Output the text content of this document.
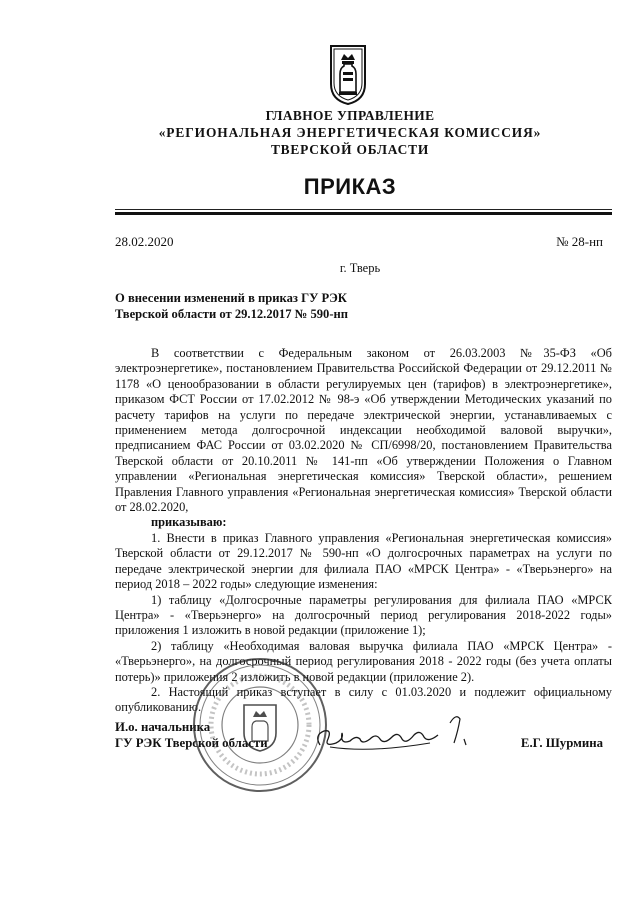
ГЛАВНОЕ УПРАВЛЕНИЕ
«РЕГИОНАЛЬНАЯ ЭНЕРГЕТИЧЕСКАЯ КОМИССИЯ»
ТВЕРСКОЙ ОБЛАСТИ
ПРИКАЗ
28.02.2020	№ 28-нп
г. Тверь
О внесении изменений в приказ ГУ РЭК
Тверской области от 29.12.2017 № 590-нп

В соответствии с Федеральным законом от 26.03.2003 №35-ФЗ «Об электроэнергетике», постановлением Правительства Российской Федерации от 29.12.2011 № 1178 «О ценообразовании в области регулируемых цен (тарифов) в электроэнергетике», приказом ФСТ России от 17.02.2012 № 98-э «Об утверждении Методических указаний по расчету тарифов на услуги по передаче электрической энергии, устанавливаемых с применением метода долгосрочной индексации необходимой валовой выручки», предписанием ФАС России от 03.02.2020 № СП/6998/20, постановлением Правительства Тверской области от 20.10.2011 № 141-пп «Об утверждении Положения о Главном управлении «Региональная энергетическая комиссия» Тверской области», решением Правления Главного управления «Региональная энергетическая комиссия» Тверской области от 28.02.2020,

приказываю:

1. Внести в приказ Главного управления «Региональная энергетическая комиссия» Тверской области от 29.12.2017 № 590-нп «О долгосрочных параметрах на услуги по передаче электрической энергии для филиала ПАО «МРСК Центра» - «Тверьэнерго» на период 2018 – 2022 годы» следующие изменения:

1) таблицу «Долгосрочные параметры регулирования для филиала ПАО «МРСК Центра» - «Тверьэнерго» на долгосрочный период регулирования 2018-2022 годы» приложения 1 изложить в новой редакции (приложение 1);

2) таблицу «Необходимая валовая выручка филиала ПАО «МРСК Центра» - «Тверьэнерго», на долгосрочный период регулирования 2018 - 2022 годы (без учета оплаты потерь)» приложения 2 изложить в новой редакции (приложение 2).

2. Настоящий приказ вступает в силу с 01.03.2020 и подлежит официальному опубликованию.

И.о. начальника
ГУ РЭК Тверской области	Е.Г. Шурмина
